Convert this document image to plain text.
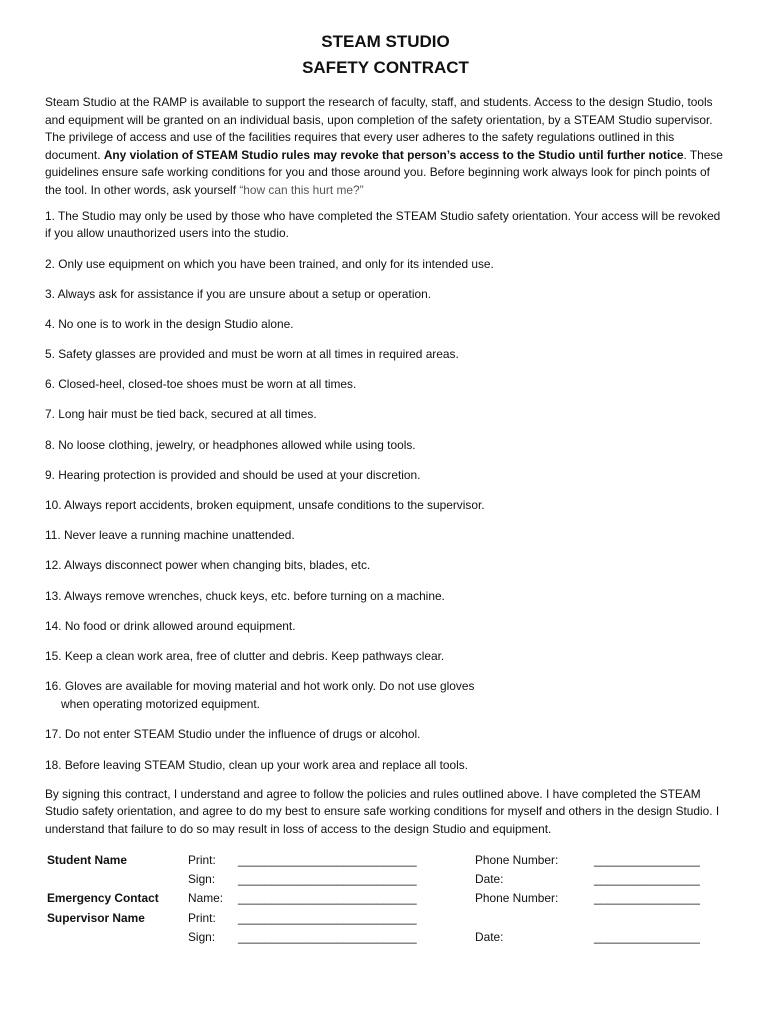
STEAM STUDIO
SAFETY CONTRACT
Steam Studio at the RAMP is available to support the research of faculty, staff, and students. Access to the design Studio, tools and equipment will be granted on an individual basis, upon completion of the safety orientation, by a STEAM Studio supervisor. The privilege of access and use of the facilities requires that every user adheres to the safety regulations outlined in this document. Any violation of STEAM Studio rules may revoke that person’s access to the Studio until further notice. These guidelines ensure safe working conditions for you and those around you. Before beginning work always look for pinch points of the tool. In other words, ask yourself “how can this hurt me?”
1. The Studio may only be used by those who have completed the STEAM Studio safety orientation. Your access will be revoked if you allow unauthorized users into the studio.
2. Only use equipment on which you have been trained, and only for its intended use.
3. Always ask for assistance if you are unsure about a setup or operation.
4. No one is to work in the design Studio alone.
5. Safety glasses are provided and must be worn at all times in required areas.
6. Closed-heel, closed-toe shoes must be worn at all times.
7. Long hair must be tied back, secured at all times.
8. No loose clothing, jewelry, or headphones allowed while using tools.
9. Hearing protection is provided and should be used at your discretion.
10. Always report accidents, broken equipment, unsafe conditions to the supervisor.
11. Never leave a running machine unattended.
12. Always disconnect power when changing bits, blades, etc.
13. Always remove wrenches, chuck keys, etc. before turning on a machine.
14. No food or drink allowed around equipment.
15. Keep a clean work area, free of clutter and debris. Keep pathways clear.
16. Gloves are available for moving material and hot work only. Do not use gloves
when operating motorized equipment.
17. Do not enter STEAM Studio under the influence of drugs or alcohol.
18. Before leaving STEAM Studio, clean up your work area and replace all tools.
By signing this contract, I understand and agree to follow the policies and rules outlined above. I have completed the STEAM Studio safety orientation, and agree to do my best to ensure safe working conditions for myself and others in the design Studio. I understand that failure to do so may result in loss of access to the design Studio and equipment.
Student Name	Print: ___________________________	Phone Number:	________________
Sign: ___________________________	Date:	________________
Emergency Contact Name: ___________________________	Phone Number:	________________
Supervisor Name	Print: ___________________________
Sign: ___________________________	Date:	________________
